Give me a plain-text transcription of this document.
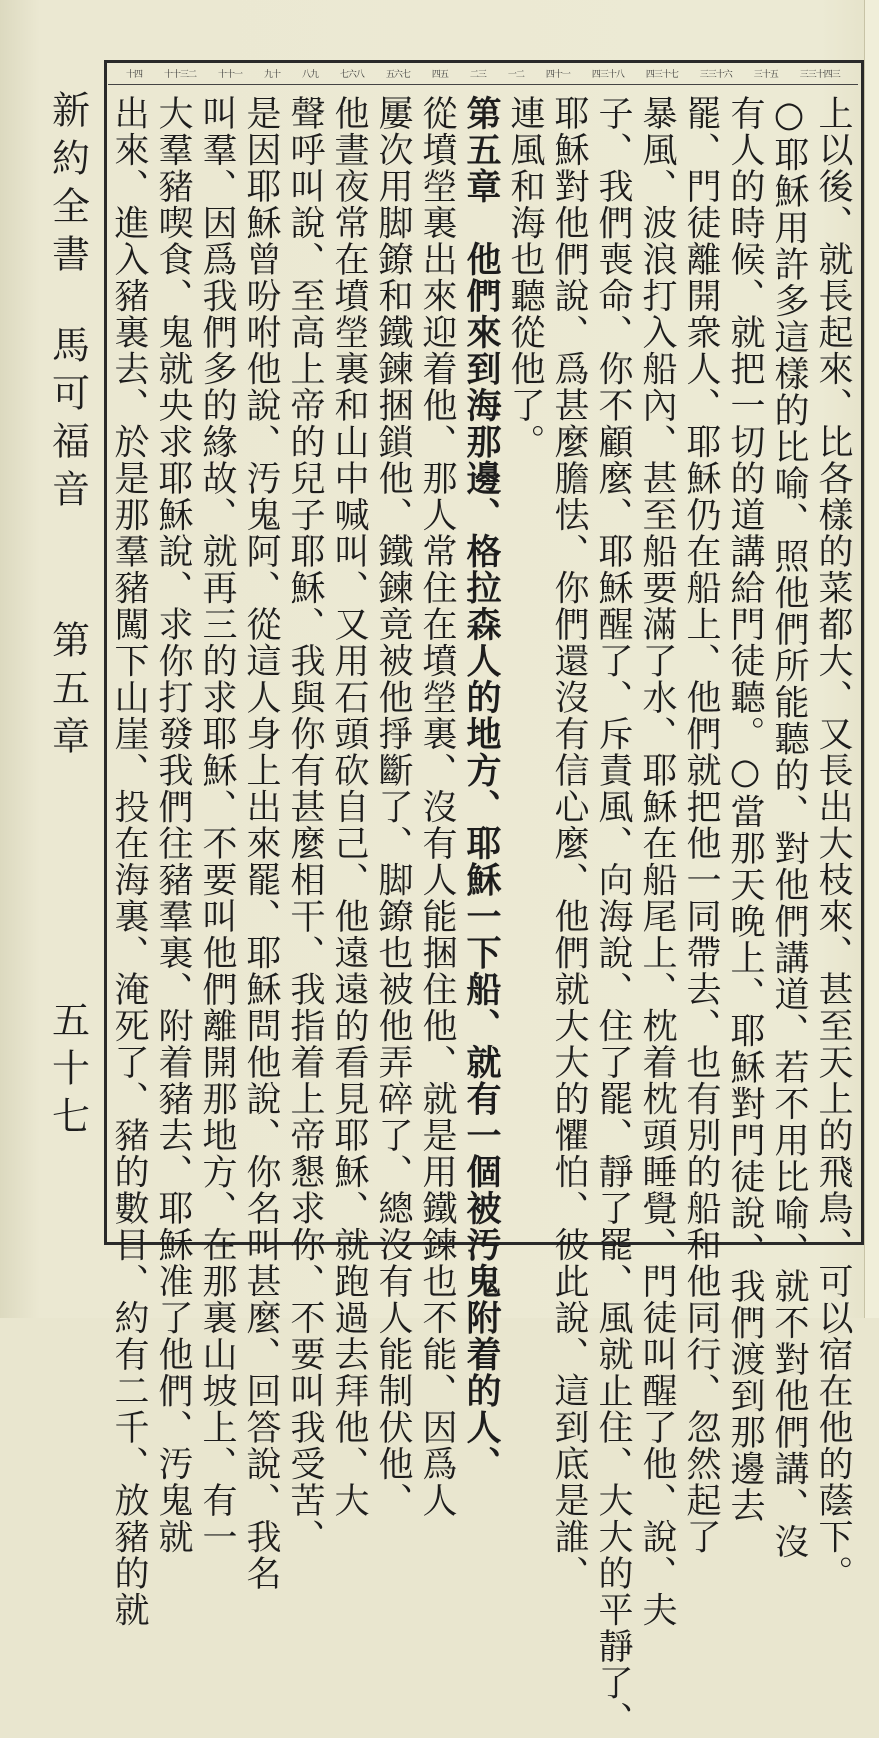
三三十四三
三十五
三三十六
四三十七
四三十八
四十一
一二
二三
四五
五六七
七六八
八九
九十
十十一
十十三二
十四
新約全書
馬可福音
第五章
五十七	上以後、就長起來、比各樣的菜都大、又長出大枝來、甚至天上的飛鳥、可以宿在他的蔭下。
○耶穌用許多這樣的比喻、照他們所能聽的、對他們講道、若不用比喻、就不對他們講、沒
有人的時候、就把一切的道講給門徒聽。○當那天晚上、耶穌對門徒說、我們渡到那邊去
罷、門徒離開衆人、耶穌仍在船上、他們就把他一同帶去、也有別的船和他同行、忽然起了
暴風、波浪打入船內、甚至船要滿了水、耶穌在船尾上、枕着枕頭睡覺、門徒叫醒了他、說、夫
子、我們喪命、你不顧麼、耶穌醒了、斥責風、向海說、住了罷、靜了罷、風就止住、大大的平靜了、
耶穌對他們說、爲甚麼膽怯、你們還沒有信心麼、他們就大大的懼怕、彼此說、這到底是誰、
連風和海也聽從他了。
第五章　他們來到海那邊、格拉森人的地方、耶穌一下船、就有一個被汚鬼附着的人、
從墳塋裏出來迎着他、那人常住在墳塋裏、沒有人能捆住他、就是用鐵鍊也不能、因爲人
屢次用脚鐐和鐵鍊捆鎖他、鐵鍊竟被他掙斷了、脚鐐也被他弄碎了、總沒有人能制伏他、
他晝夜常在墳塋裏和山中喊叫、又用石頭砍自己、他遠遠的看見耶穌、就跑過去拜他、大
聲呼叫說、至高上帝的兒子耶穌、我與你有甚麼相干、我指着上帝懇求你、不要叫我受苦、
是因耶穌曾吩咐他說、汚鬼阿、從這人身上出來罷、耶穌問他說、你名叫甚麼、回答說、我名
叫羣、因爲我們多的緣故、就再三的求耶穌、不要叫他們離開那地方、在那裏山坡上、有一
大羣豬喫食、鬼就央求耶穌說、求你打發我們往豬羣裏、附着豬去、耶穌准了他們、汚鬼就
出來、進入豬裏去、於是那羣豬闖下山崖、投在海裏、淹死了、豬的數目、約有二千、放豬的就
